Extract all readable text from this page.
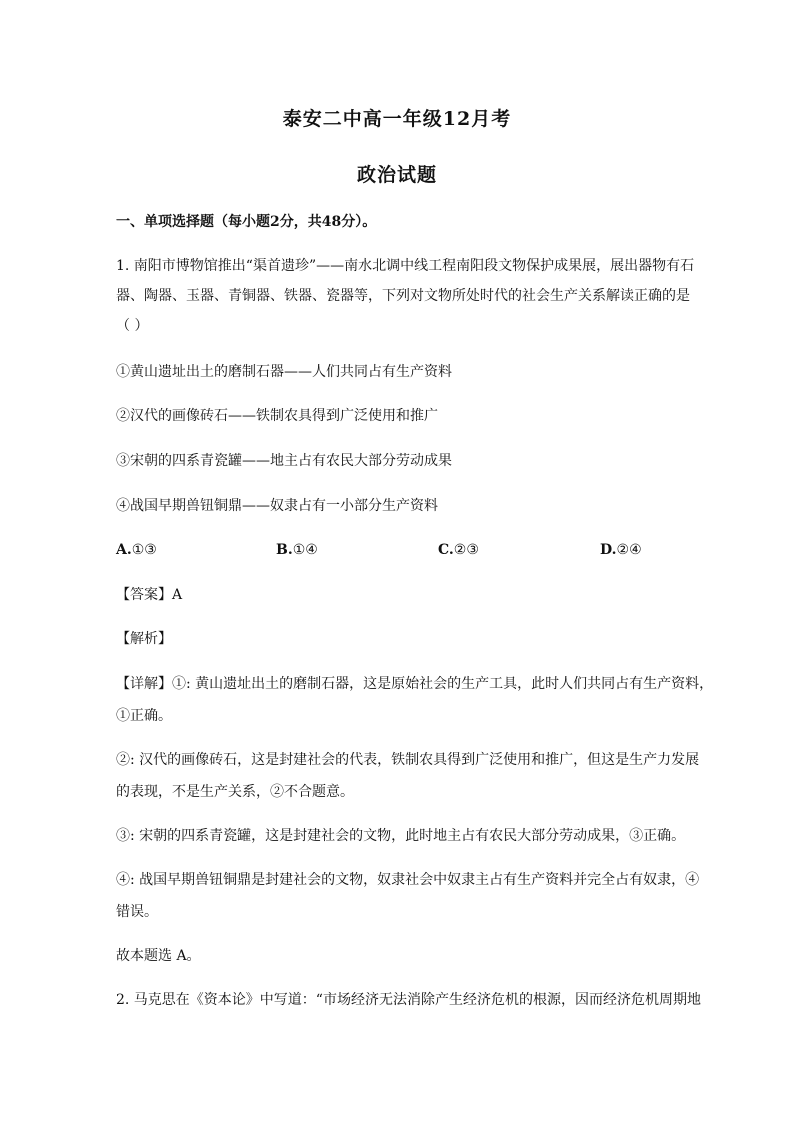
泰安二中高一年级12月考
政治试题
一、单项选择题（每小题2分，共48分）。
1. 南阳市博物馆推出“渠首遗珍”——南水北调中线工程南阳段文物保护成果展，展出器物有石
器、陶器、玉器、青铜器、铁器、瓷器等，下列对文物所处时代的社会生产关系解读正确的是
（ ）
①黄山遗址出土的磨制石器——人们共同占有生产资料
②汉代的画像砖石——铁制农具得到广泛使用和推广
③宋朝的四系青瓷罐——地主占有农民大部分劳动成果
④战国早期兽钮铜鼎——奴隶占有一小部分生产资料
A.①③	B.①④	C.②③	D.②④
【答案】A
【解析】
【详解】①: 黄山遗址出土的磨制石器，这是原始社会的生产工具，此时人们共同占有生产资料，
①正确。
②: 汉代的画像砖石，这是封建社会的代表，铁制农具得到广泛使用和推广，但这是生产力发展
的表现，不是生产关系，②不合题意。
③: 宋朝的四系青瓷罐，这是封建社会的文物，此时地主占有农民大部分劳动成果，③正确。
④: 战国早期兽钮铜鼎是封建社会的文物，奴隶社会中奴隶主占有生产资料并完全占有奴隶，④
错误。
故本题选 A。
2. 马克思在《资本论》中写道：“市场经济无法消除产生经济危机的根源，因而经济危机周期地
